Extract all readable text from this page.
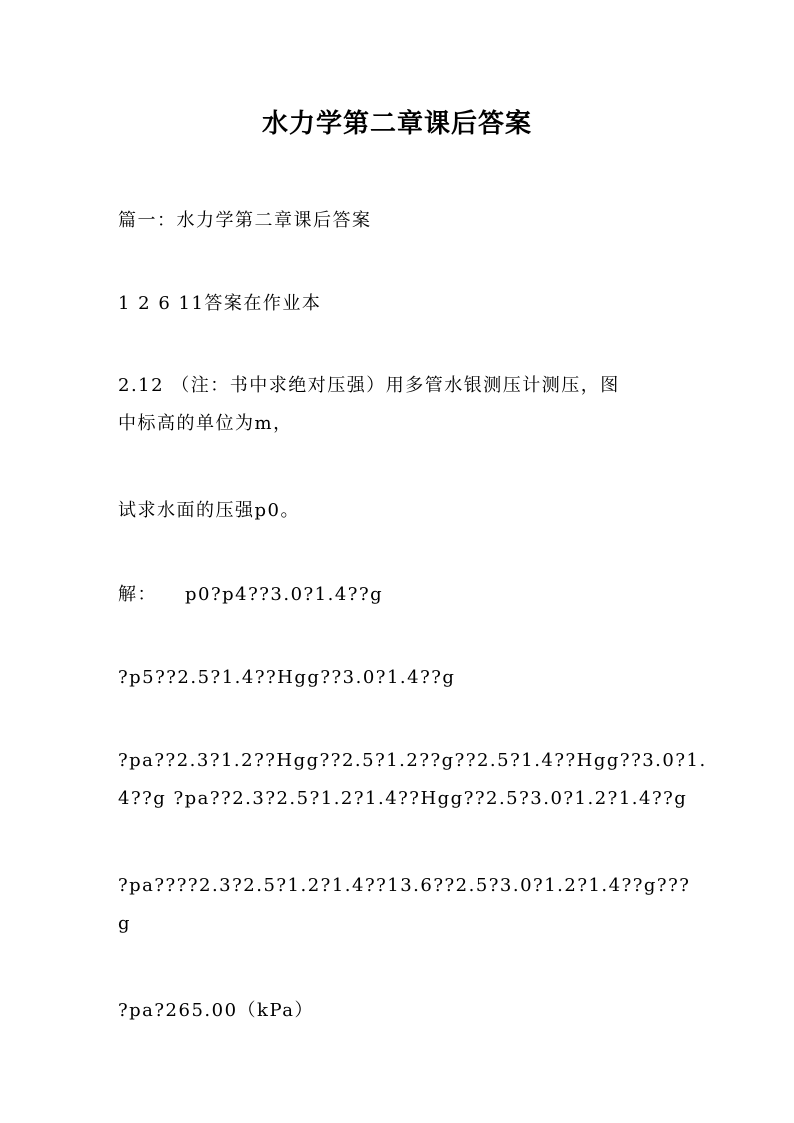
水力学第二章课后答案

篇一：水力学第二章课后答案

1 2 6 11答案在作业本

2.12 （注：书中求绝对压强）用多管水银测压计测压，图
中标高的单位为m，

试求水面的压强p0。

解： p0?p4??3.0?1.4??g

?p5??2.5?1.4??Hgg??3.0?1.4??g

?pa??2.3?1.2??Hgg??2.5?1.2??g??2.5?1.4??Hgg??3.0?1.
4??g ?pa??2.3?2.5?1.2?1.4??Hgg??2.5?3.0?1.2?1.4??g

?pa????2.3?2.5?1.2?1.4??13.6??2.5?3.0?1.2?1.4??g???
g

?pa?265.00（kPa）
